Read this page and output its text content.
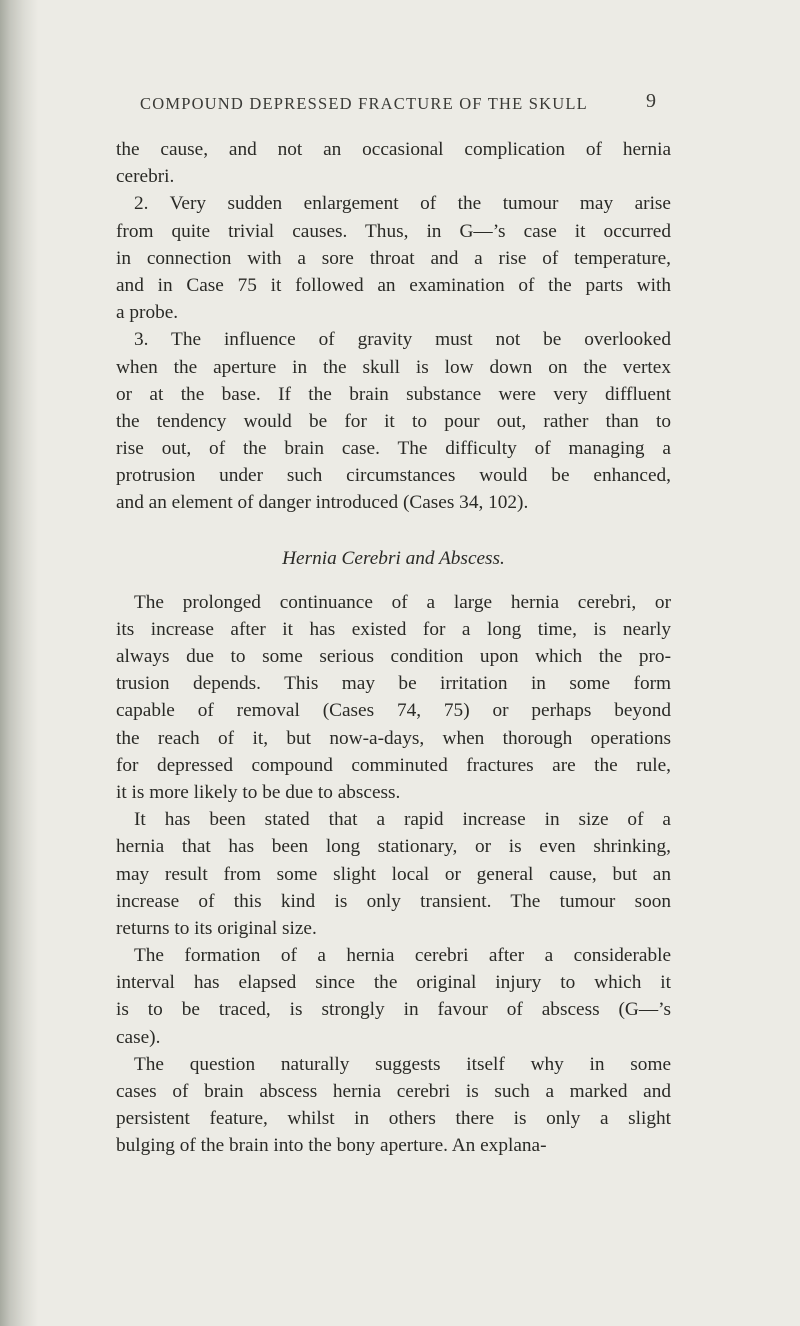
COMPOUND DEPRESSED FRACTURE OF THE SKULL	9
the cause, and not an occasional complication of hernia
cerebri.
2. Very sudden enlargement of the tumour may arise
from quite trivial causes. Thus, in G—’s case it occurred
in connection with a sore throat and a rise of temperature,
and in Case 75 it followed an examination of the parts with
a probe.
3. The influence of gravity must not be overlooked
when the aperture in the skull is low down on the vertex
or at the base. If the brain substance were very diffluent
the tendency would be for it to pour out, rather than to
rise out, of the brain case. The difficulty of managing a
protrusion under such circumstances would be enhanced,
and an element of danger introduced (Cases 34, 102).
Hernia Cerebri and Abscess.
The prolonged continuance of a large hernia cerebri, or
its increase after it has existed for a long time, is nearly
always due to some serious condition upon which the pro-
trusion depends. This may be irritation in some form
capable of removal (Cases 74, 75) or perhaps beyond
the reach of it, but now-a-days, when thorough operations
for depressed compound comminuted fractures are the rule,
it is more likely to be due to abscess.
It has been stated that a rapid increase in size of a
hernia that has been long stationary, or is even shrinking,
may result from some slight local or general cause, but an
increase of this kind is only transient. The tumour soon
returns to its original size.
The formation of a hernia cerebri after a considerable
interval has elapsed since the original injury to which it
is to be traced, is strongly in favour of abscess (G—’s
case).
The question naturally suggests itself why in some
cases of brain abscess hernia cerebri is such a marked and
persistent feature, whilst in others there is only a slight
bulging of the brain into the bony aperture. An explana-
